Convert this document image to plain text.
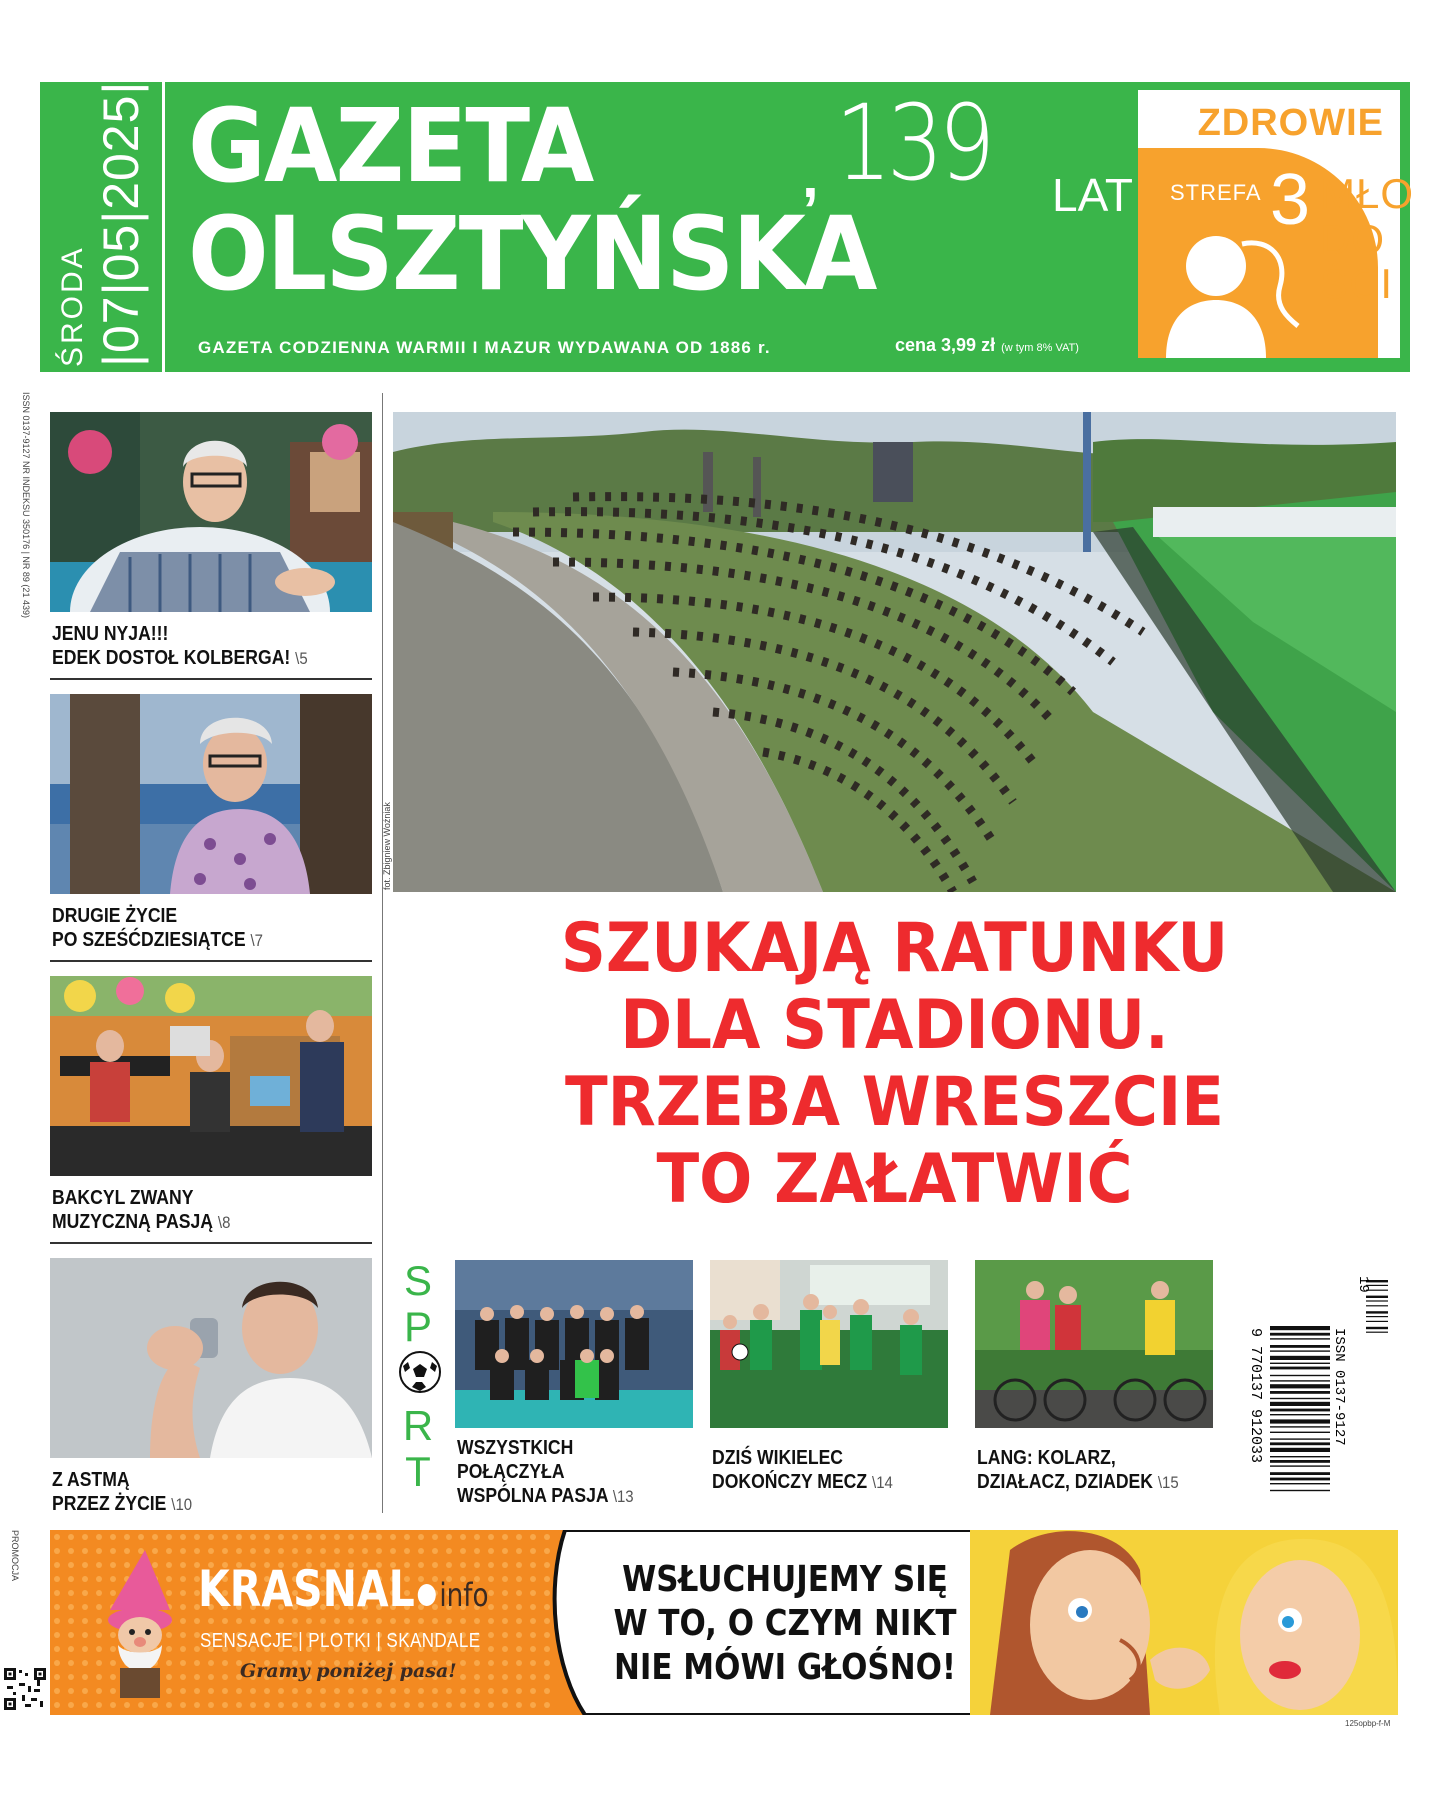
ŚRODA |07|05|2025| GAZETA
OLSZTYŃSKA
, 139 LAT
GAZETA CODZIENNA WARMII I MAZUR WYDAWANA OD 1886 r.	cena 3,99 zł (w tym 8% VAT)
ZDROWIE
STREFA 3 MŁO
DO
ŚCI
ISSN 0137-9127 NR INDEKSU 350176 | NR 89 (21 439)
JENU NYJA!!!
EDEK DOSTOŁ KOLBERGA! \5
DRUGIE ŻYCIE
PO SZEŚĆDZIESIĄTCE \7
BAKCYL ZWANY
MUZYCZNĄ PASJĄ \8
Z ASTMĄ
PRZEZ ŻYCIE \10
fot. Zbigniew Woźniak
SZUKAJĄ RATUNKU
DLA STADIONU.
TRZEBA WRESZCIE
TO ZAŁATWIĆ
S
P
R
T	WSZYSTKICH
POŁĄCZYŁA
WSPÓLNA PASJA \13
DZIŚ WIKIELEC
DOKOŃCZY MECZ \14
LANG: KOLARZ,
DZIAŁACZ, DZIADEK \15
19
ISSN 0137-9127
9 770137 912033
PROMOCJA
KRASNAL info
SENSACJE | PLOTKI | SKANDALE
Gramy poniżej pasa!
WSŁUCHUJEMY SIĘ
W TO, O CZYM NIKT
NIE MÓWI GŁOŚNO!
125opbp-f-M
